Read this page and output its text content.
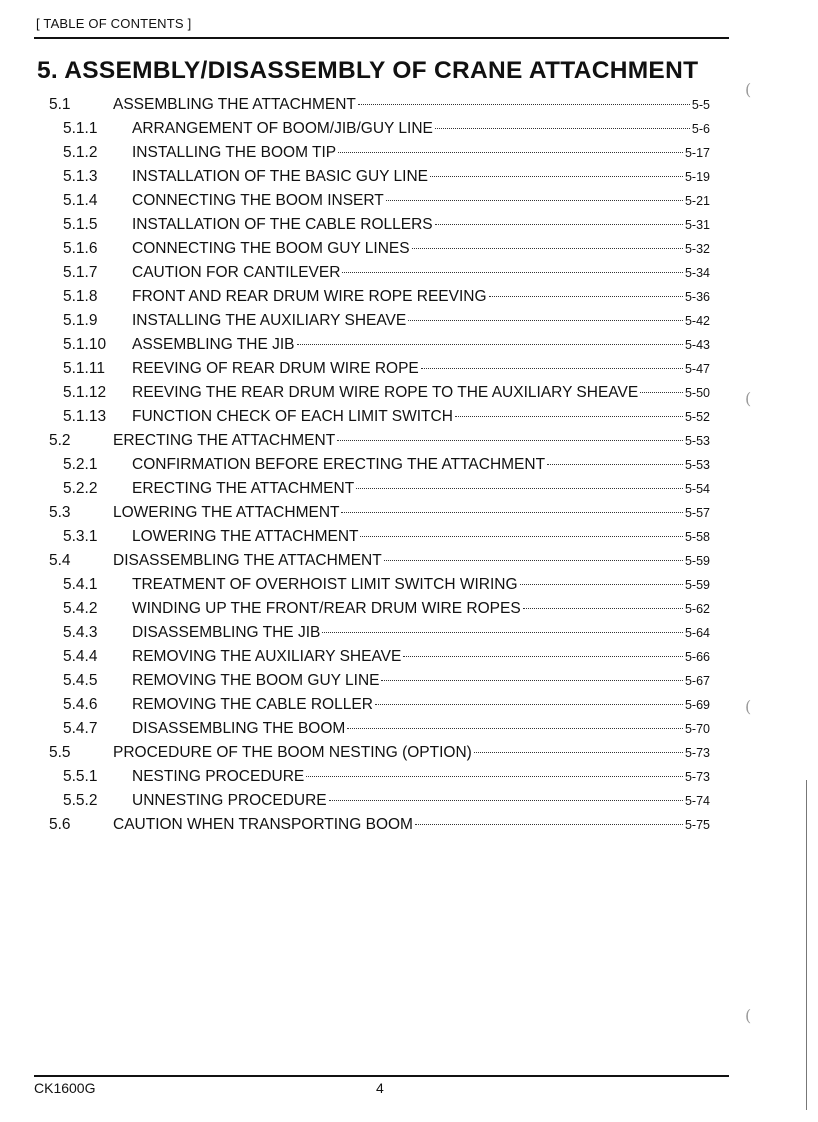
[ TABLE OF CONTENTS ]
5. ASSEMBLY/DISASSEMBLY OF CRANE ATTACHMENT
5.1	ASSEMBLING THE ATTACHMENT	5-5
5.1.1 ARRANGEMENT OF BOOM/JIB/GUY LINE	5-6
5.1.2 INSTALLING THE BOOM TIP	5-17
5.1.3 INSTALLATION OF THE BASIC GUY LINE	5-19
5.1.4 CONNECTING THE BOOM INSERT	5-21
5.1.5 INSTALLATION OF THE CABLE ROLLERS	5-31
5.1.6 CONNECTING THE BOOM GUY LINES	5-32
5.1.7 CAUTION FOR CANTILEVER	5-34
5.1.8 FRONT AND REAR DRUM WIRE ROPE REEVING	5-36
5.1.9 INSTALLING THE AUXILIARY SHEAVE	5-42
5.1.10 ASSEMBLING THE JIB	5-43
5.1.11 REEVING OF REAR DRUM WIRE ROPE	5-47
5.1.12 REEVING THE REAR DRUM WIRE ROPE TO THE AUXILIARY SHEAVE	5-50
5.1.13 FUNCTION CHECK OF EACH LIMIT SWITCH	5-52
5.2	ERECTING THE ATTACHMENT	5-53
5.2.1 CONFIRMATION BEFORE ERECTING THE ATTACHMENT	5-53
5.2.2 ERECTING THE ATTACHMENT	5-54
5.3	LOWERING THE ATTACHMENT	5-57
5.3.1 LOWERING THE ATTACHMENT	5-58
5.4	DISASSEMBLING THE ATTACHMENT	5-59
5.4.1 TREATMENT OF OVERHOIST LIMIT SWITCH WIRING	5-59
5.4.2 WINDING UP THE FRONT/REAR DRUM WIRE ROPES	5-62
5.4.3 DISASSEMBLING THE JIB	5-64
5.4.4 REMOVING THE AUXILIARY SHEAVE	5-66
5.4.5 REMOVING THE BOOM GUY LINE	5-67
5.4.6 REMOVING THE CABLE ROLLER	5-69
5.4.7 DISASSEMBLING THE BOOM	5-70
5.5	PROCEDURE OF THE BOOM NESTING (OPTION)	5-73
5.5.1 NESTING PROCEDURE	5-73
5.5.2 UNNESTING PROCEDURE	5-74
5.6	CAUTION WHEN TRANSPORTING BOOM	5-75
CK1600G	4
(
(
(
(
